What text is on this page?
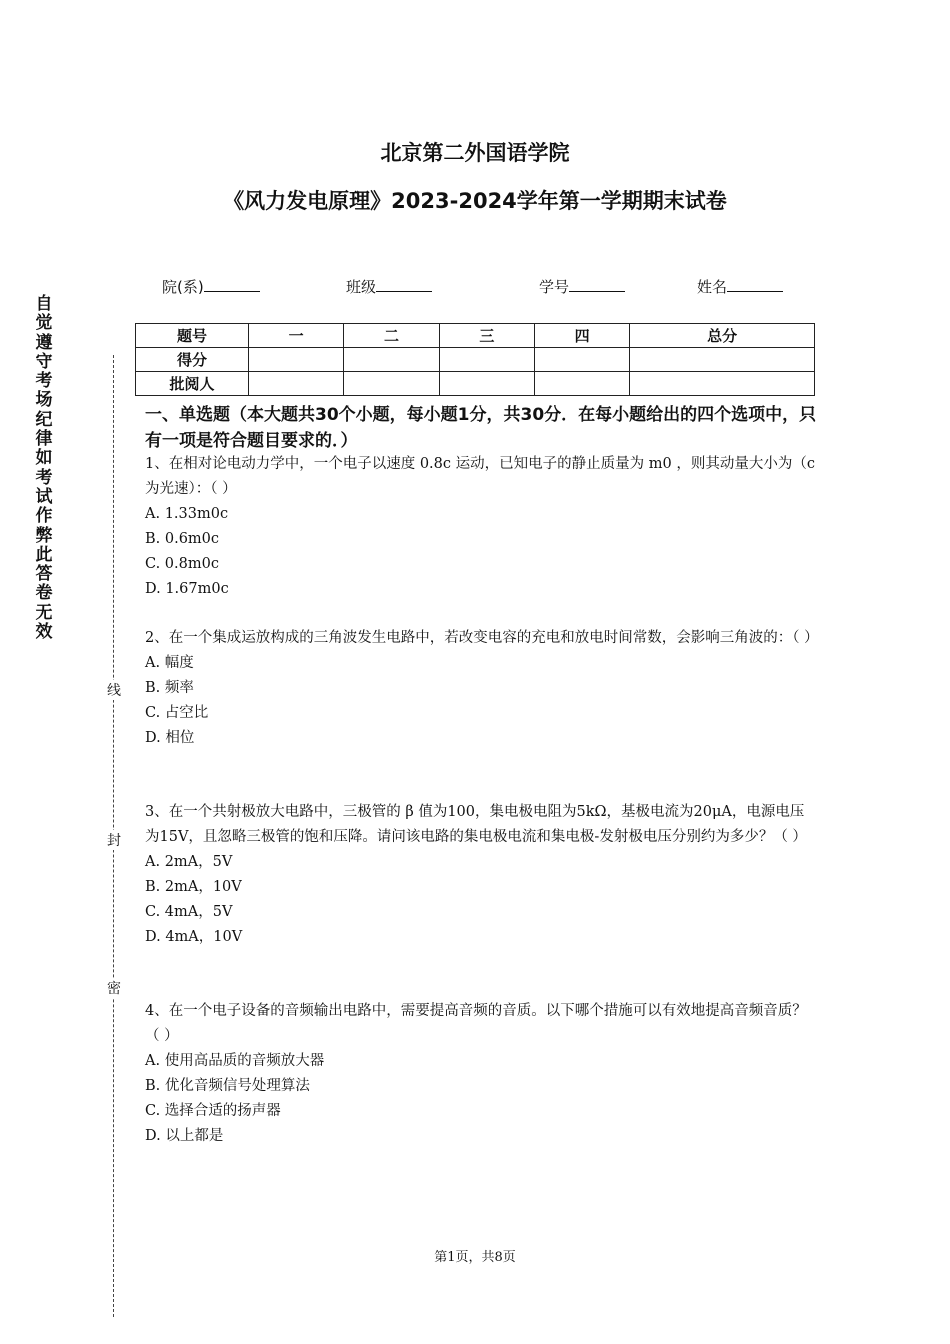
北京第二外国语学院
《风力发电原理》2023-2024学年第一学期期末试卷
院(系)	班级	学号	姓名
题号	一	二	三	四	总分
得分					
批阅人					
一、单选题（本大题共30个小题，每小题1分，共30分．在每小题给出的四个选项中，只有一项是符合题目要求的．）

1、在相对论电动力学中，一个电子以速度 0.8c 运动，已知电子的静止质量为 m0 ，则其动量大小为（c 为光速）：（ ）

A. 1.33m0c
B. 0.6m0c
C. 0.8m0c
D. 1.67m0c

2、在一个集成运放构成的三角波发生电路中，若改变电容的充电和放电时间常数，会影响三角波的：（ ）

A. 幅度
B. 频率
C. 占空比
D. 相位

3、在一个共射极放大电路中，三极管的 β 值为100，集电极电阻为5kΩ，基极电流为20μA，电源电压为15V，且忽略三极管的饱和压降。请问该电路的集电极电流和集电极-发射极电压分别约为多少？（ ）

A. 2mA，5V
B. 2mA，10V
C. 4mA，5V
D. 4mA，10V

4、在一个电子设备的音频输出电路中，需要提高音频的音质。以下哪个措施可以有效地提高音频音质？（ ）

A. 使用高品质的音频放大器
B. 优化音频信号处理算法
C. 选择合适的扬声器
D. 以上都是
自
觉
遵
守
考
场
纪
律
如
考
试
作
弊
此
答
卷
无
效
线
封
密
第1页，共8页
